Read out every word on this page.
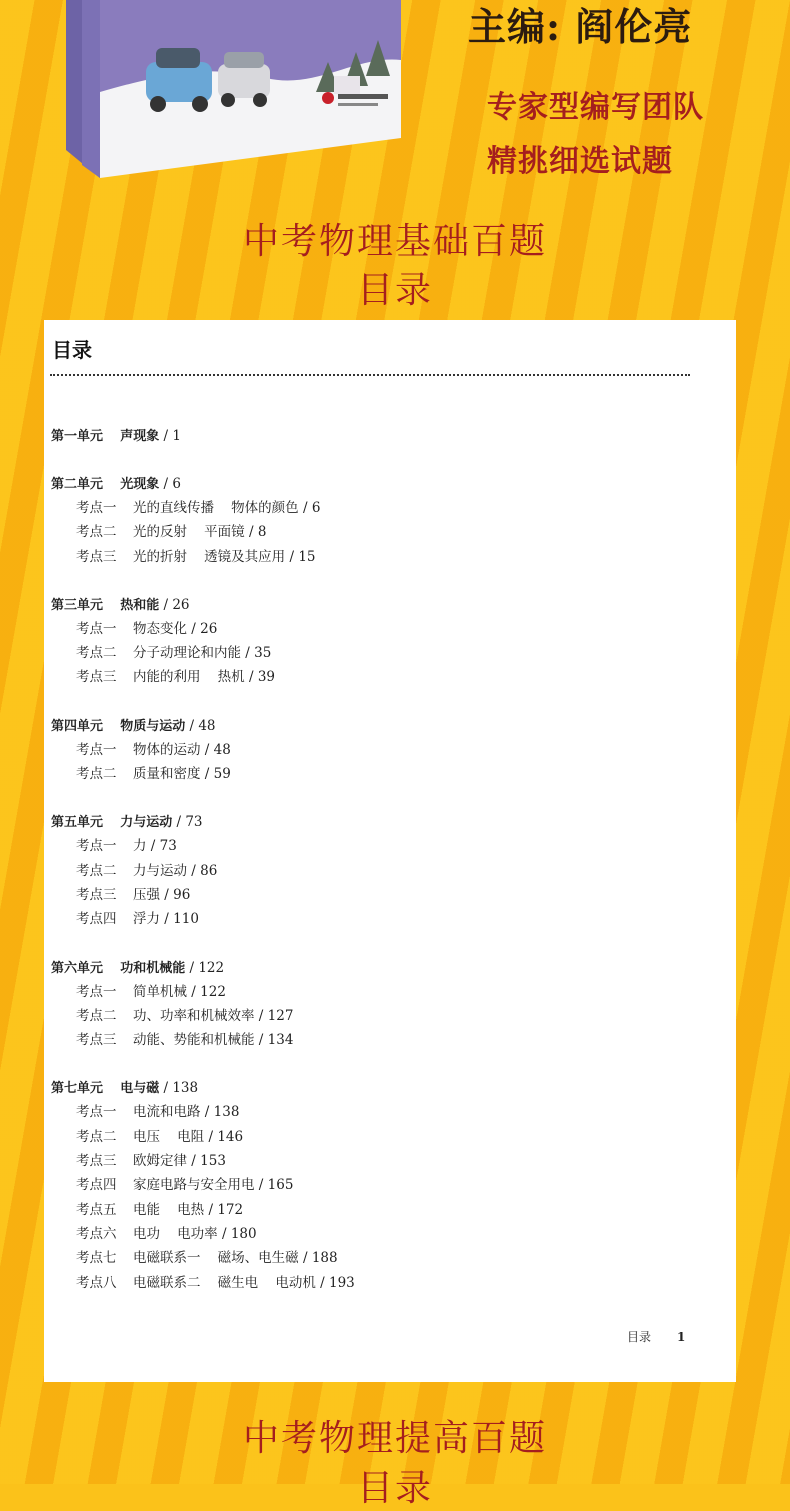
主编: 阎伦亮
专家型编写团队
精挑细选试题
中考物理基础百题
目录
目录
第一单元 声现象 / 1
第二单元 光现象 / 6
考点一 光的直线传播    物体的颜色 / 6
考点二 光的反射    平面镜 / 8
考点三 光的折射    透镜及其应用 / 15
第三单元 热和能 / 26
考点一 物态变化 / 26
考点二 分子动理论和内能 / 35
考点三 内能的利用    热机 / 39
第四单元 物质与运动 / 48
考点一 物体的运动 / 48
考点二 质量和密度 / 59
第五单元 力与运动 / 73
考点一 力 / 73
考点二 力与运动 / 86
考点三 压强 / 96
考点四 浮力 / 110
第六单元 功和机械能 / 122
考点一 简单机械 / 122
考点二 功、功率和机械效率 / 127
考点三 动能、势能和机械能 / 134
第七单元 电与磁 / 138
考点一 电流和电路 / 138
考点二 电压    电阻 / 146
考点三 欧姆定律 / 153
考点四 家庭电路与安全用电 / 165
考点五 电能    电热 / 172
考点六 电功    电功率 / 180
考点七 电磁联系一    磁场、电生磁 / 188
考点八 电磁联系二    磁生电    电动机 / 193
目录 1
中考物理提高百题
目录
